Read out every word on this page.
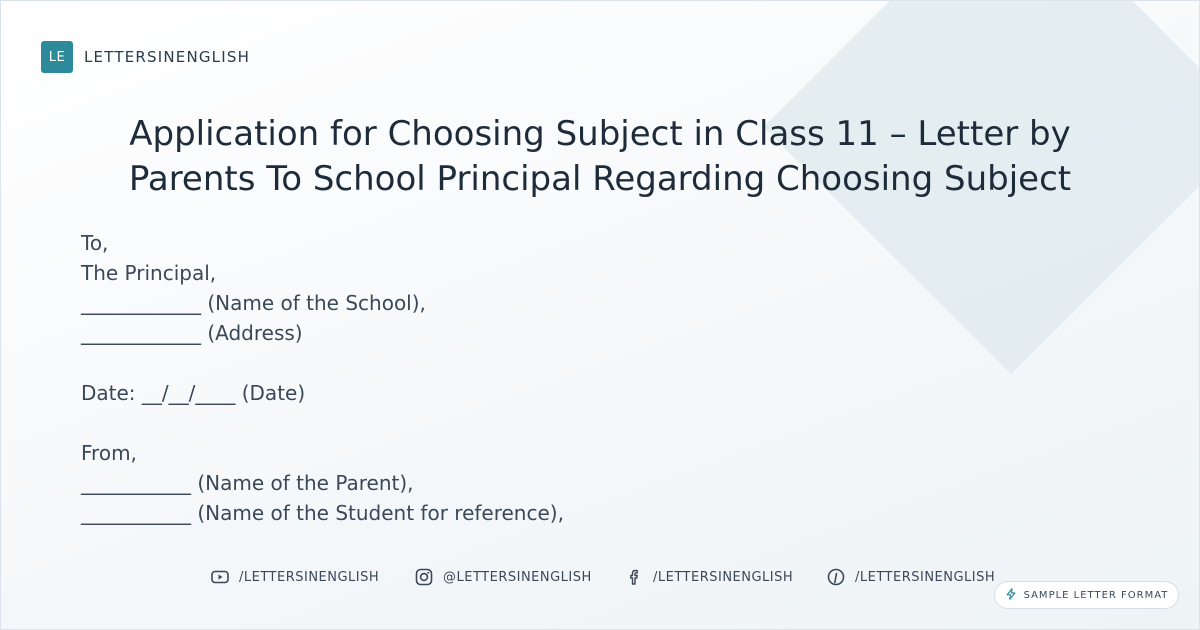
LE	LETTERSINENGLISH
Application for Choosing Subject in Class 11 – Letter by
Parents To School Principal Regarding Choosing Subject
To,
The Principal,
____________ (Name of the School),
____________ (Address)
Date: __/__/____ (Date)
From,
___________ (Name of the Parent),
___________ (Name of the Student for reference),
/LETTERSINENGLISH	@LETTERSINENGLISH	/LETTERSINENGLISH	/LETTERSINENGLISH
SAMPLE LETTER FORMAT
